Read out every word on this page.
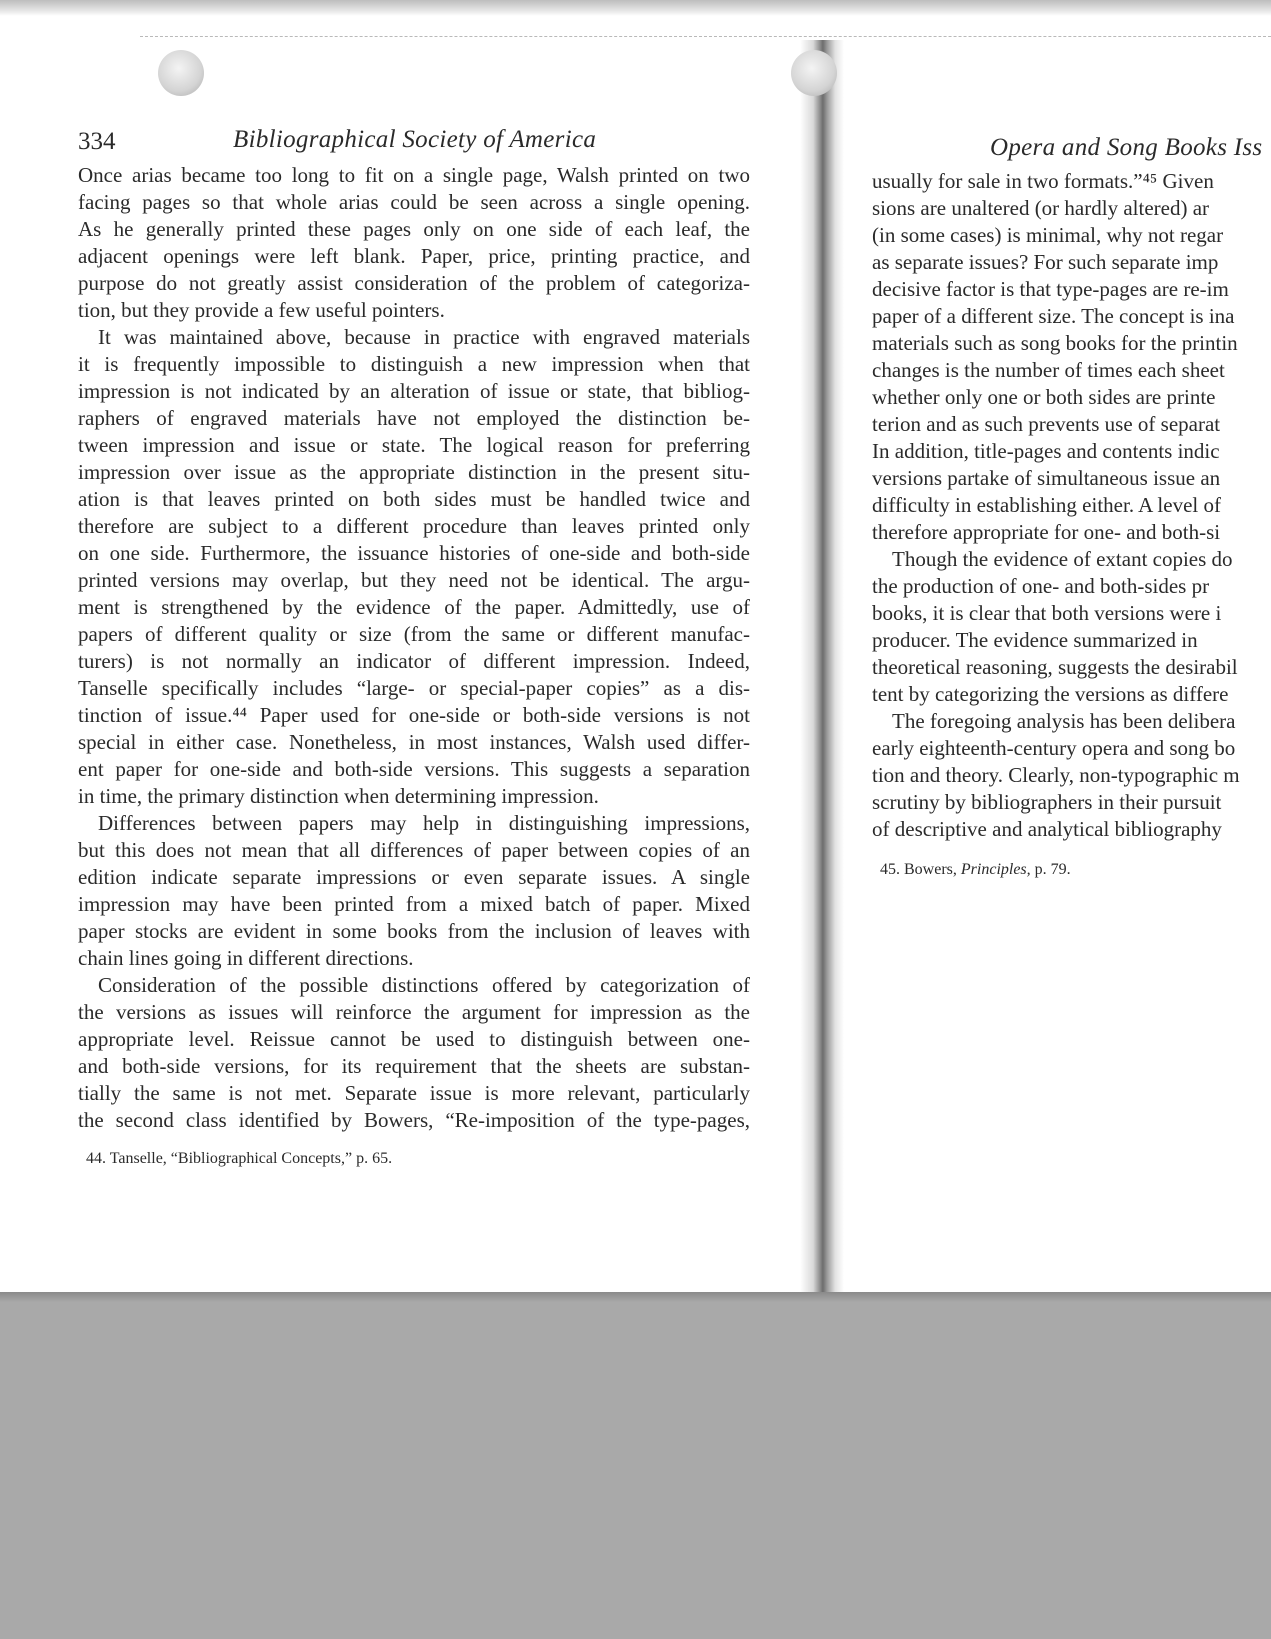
334	Bibliographical Society of America
Once arias became too long to fit on a single page, Walsh printed on two
facing pages so that whole arias could be seen across a single opening.
As he generally printed these pages only on one side of each leaf, the
adjacent openings were left blank. Paper, price, printing practice, and
purpose do not greatly assist consideration of the problem of categoriza-
tion, but they provide a few useful pointers.
It was maintained above, because in practice with engraved materials
it is frequently impossible to distinguish a new impression when that
impression is not indicated by an alteration of issue or state, that bibliog-
raphers of engraved materials have not employed the distinction be-
tween impression and issue or state. The logical reason for preferring
impression over issue as the appropriate distinction in the present situ-
ation is that leaves printed on both sides must be handled twice and
therefore are subject to a different procedure than leaves printed only
on one side. Furthermore, the issuance histories of one-side and both-side
printed versions may overlap, but they need not be identical. The argu-
ment is strengthened by the evidence of the paper. Admittedly, use of
papers of different quality or size (from the same or different manufac-
turers) is not normally an indicator of different impression. Indeed,
Tanselle specifically includes “large- or special-paper copies” as a dis-
tinction of issue.⁴⁴ Paper used for one-side or both-side versions is not
special in either case. Nonetheless, in most instances, Walsh used differ-
ent paper for one-side and both-side versions. This suggests a separation
in time, the primary distinction when determining impression.
Differences between papers may help in distinguishing impressions,
but this does not mean that all differences of paper between copies of an
edition indicate separate impressions or even separate issues. A single
impression may have been printed from a mixed batch of paper. Mixed
paper stocks are evident in some books from the inclusion of leaves with
chain lines going in different directions.
Consideration of the possible distinctions offered by categorization of
the versions as issues will reinforce the argument for impression as the
appropriate level. Reissue cannot be used to distinguish between one-
and both-side versions, for its requirement that the sheets are substan-
tially the same is not met. Separate issue is more relevant, particularly
the second class identified by Bowers, “Re-imposition of the type-pages,
44. Tanselle, “Bibliographical Concepts,” p. 65.
Opera and Song Books Iss
usually for sale in two formats.”⁴⁵ Given
sions are unaltered (or hardly altered) ar
(in some cases) is minimal, why not regar
as separate issues? For such separate imp
decisive factor is that type-pages are re-im
paper of a different size. The concept is ina
materials such as song books for the printin
changes is the number of times each sheet
whether only one or both sides are printe
terion and as such prevents use of separat
In addition, title-pages and contents indic
versions partake of simultaneous issue an
difficulty in establishing either. A level of
therefore appropriate for one- and both-si
Though the evidence of extant copies do
the production of one- and both-sides pr
books, it is clear that both versions were i
producer. The evidence summarized in
theoretical reasoning, suggests the desirabil
tent by categorizing the versions as differe
The foregoing analysis has been delibera
early eighteenth-century opera and song bo
tion and theory. Clearly, non-typographic m
scrutiny by bibliographers in their pursuit
of descriptive and analytical bibliography
45. Bowers, Principles, p. 79.
